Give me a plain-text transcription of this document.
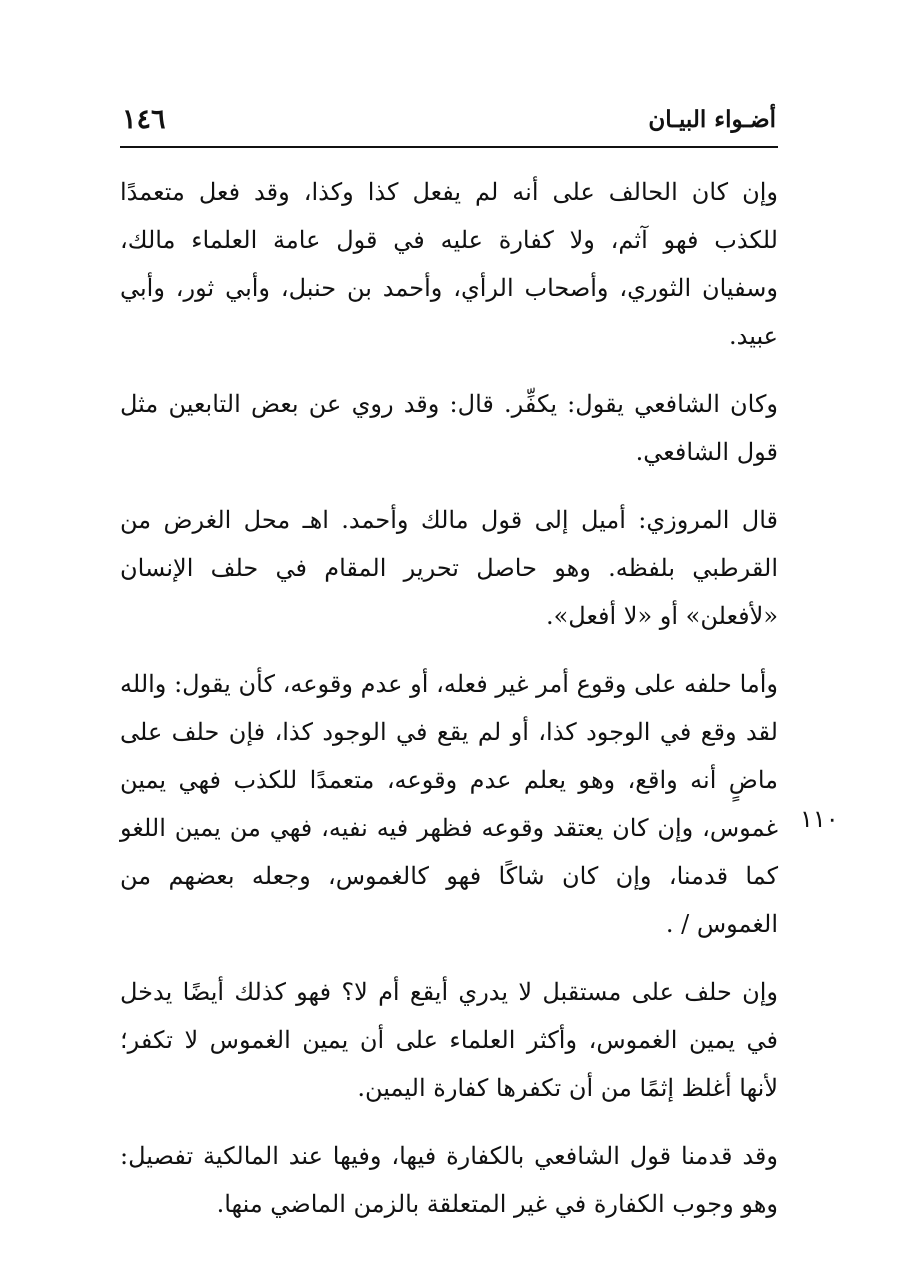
١٤٦	أضـواء البيـان

وإن كان الحالف على أنه لم يفعل كذا وكذا، وقد فعل متعمدًا للكذب فهو آثم، ولا كفارة عليه في قول عامة العلماء مالك، وسفيان الثوري، وأصحاب الرأي، وأحمد بن حنبل، وأبي ثور، وأبي عبيد.

وكان الشافعي يقول: يكفِّر. قال: وقد روي عن بعض التابعين مثل قول الشافعي.

قال المروزي: أميل إلى قول مالك وأحمد. اهـ محل الغرض من القرطبي بلفظه. وهو حاصل تحرير المقام في حلف الإنسان «لأفعلن» أو «لا أفعل».

وأما حلفه على وقوع أمر غير فعله، أو عدم وقوعه، كأن يقول: والله لقد وقع في الوجود كذا، أو لم يقع في الوجود كذا، فإن حلف على ماضٍ أنه واقع، وهو يعلم عدم وقوعه، متعمدًا للكذب فهي يمين غموس، وإن كان يعتقد وقوعه فظهر فيه نفيه، فهي من يمين اللغو كما قدمنا، وإن كان شاكًا فهو كالغموس، وجعله بعضهم من الغموس / .

وإن حلف على مستقبل لا يدري أيقع أم لا؟ فهو كذلك أيضًا يدخل في يمين الغموس، وأكثر العلماء على أن يمين الغموس لا تكفر؛ لأنها أغلظ إثمًا من أن تكفرها كفارة اليمين.

وقد قدمنا قول الشافعي بالكفارة فيها، وفيها عند المالكية تفصيل: وهو وجوب الكفارة في غير المتعلقة بالزمن الماضي منها.

١١٠
